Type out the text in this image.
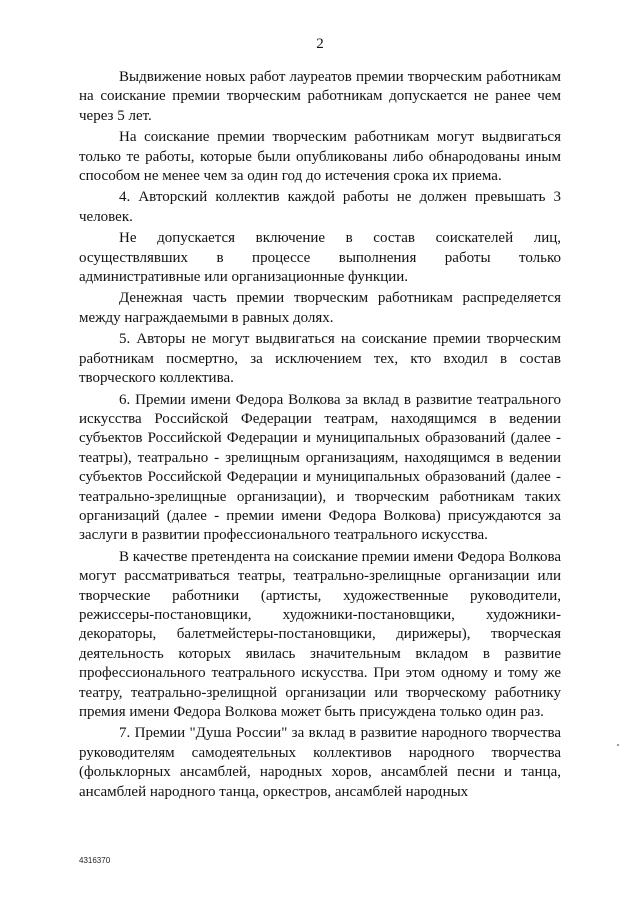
2

Выдвижение новых работ лауреатов премии творческим работникам на соискание премии творческим работникам допускается не ранее чем через 5 лет.

На соискание премии творческим работникам могут выдвигаться только те работы, которые были опубликованы либо обнародованы иным способом не менее чем за один год до истечения срока их приема.

4. Авторский коллектив каждой работы не должен превышать 3 человек.

Не допускается включение в состав соискателей лиц, осуществлявших в процессе выполнения работы только административные или организационные функции.

Денежная часть премии творческим работникам распределяется между награждаемыми в равных долях.

5. Авторы не могут выдвигаться на соискание премии творческим работникам посмертно, за исключением тех, кто входил в состав творческого коллектива.

6. Премии имени Федора Волкова за вклад в развитие театрального искусства Российской Федерации театрам, находящимся в ведении субъектов Российской Федерации и муниципальных образований (далее - театры), театрально - зрелищным организациям, находящимся в ведении субъектов Российской Федерации и муниципальных образований (далее - театрально-зрелищные организации), и творческим работникам таких организаций (далее - премии имени Федора Волкова) присуждаются за заслуги в развитии профессионального театрального искусства.

В качестве претендента на соискание премии имени Федора Волкова могут рассматриваться театры, театрально-зрелищные организации или творческие работники (артисты, художественные руководители, режиссеры-постановщики, художники-постановщики, художники-декораторы, балетмейстеры-постановщики, дирижеры), творческая деятельность которых явилась значительным вкладом в развитие профессионального театрального искусства. При этом одному и тому же театру, театрально-зрелищной организации или творческому работнику премия имени Федора Волкова может быть присуждена только один раз.

7. Премии "Душа России" за вклад в развитие народного творчества руководителям самодеятельных коллективов народного творчества (фольклорных ансамблей, народных хоров, ансамблей песни и танца, ансамблей народного танца, оркестров, ансамблей народных

4316370
